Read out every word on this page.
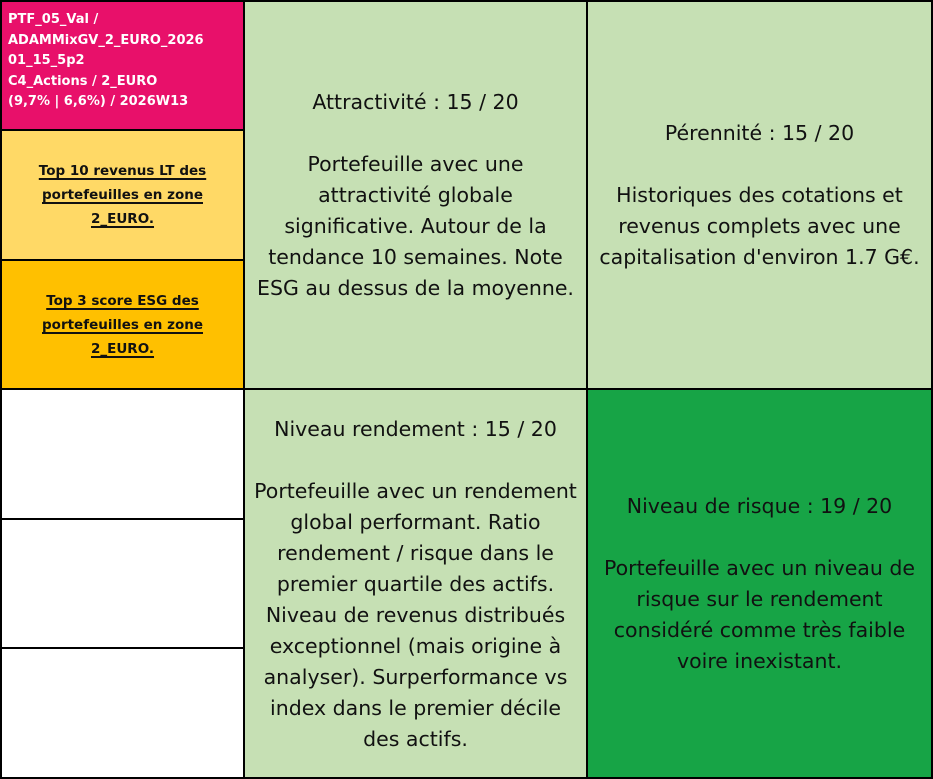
PTF_05_Val /
ADAMMixGV_2_EURO_2026
01_15_5p2
C4_Actions / 2_EURO
(9,7% | 6,6%) / 2026W13
Top 10 revenus LT des portefeuilles en zone 2_EURO.
Top 3 score ESG des portefeuilles en zone 2_EURO.
Attractivité : 15 / 20
Portefeuille avec une attractivité globale significative. Autour de la tendance 10 semaines. Note ESG au dessus de la moyenne.
Pérennité : 15 / 20
Historiques des cotations et revenus complets avec une capitalisation d'environ 1.7 G€.
Niveau rendement : 15 / 20
Portefeuille avec un rendement global performant. Ratio rendement / risque dans le premier quartile des actifs. Niveau de revenus distribués exceptionnel (mais origine à analyser). Surperformance vs index dans le premier décile des actifs.
Niveau de risque : 19 / 20
Portefeuille avec un niveau de risque sur le rendement considéré comme très faible voire inexistant.
